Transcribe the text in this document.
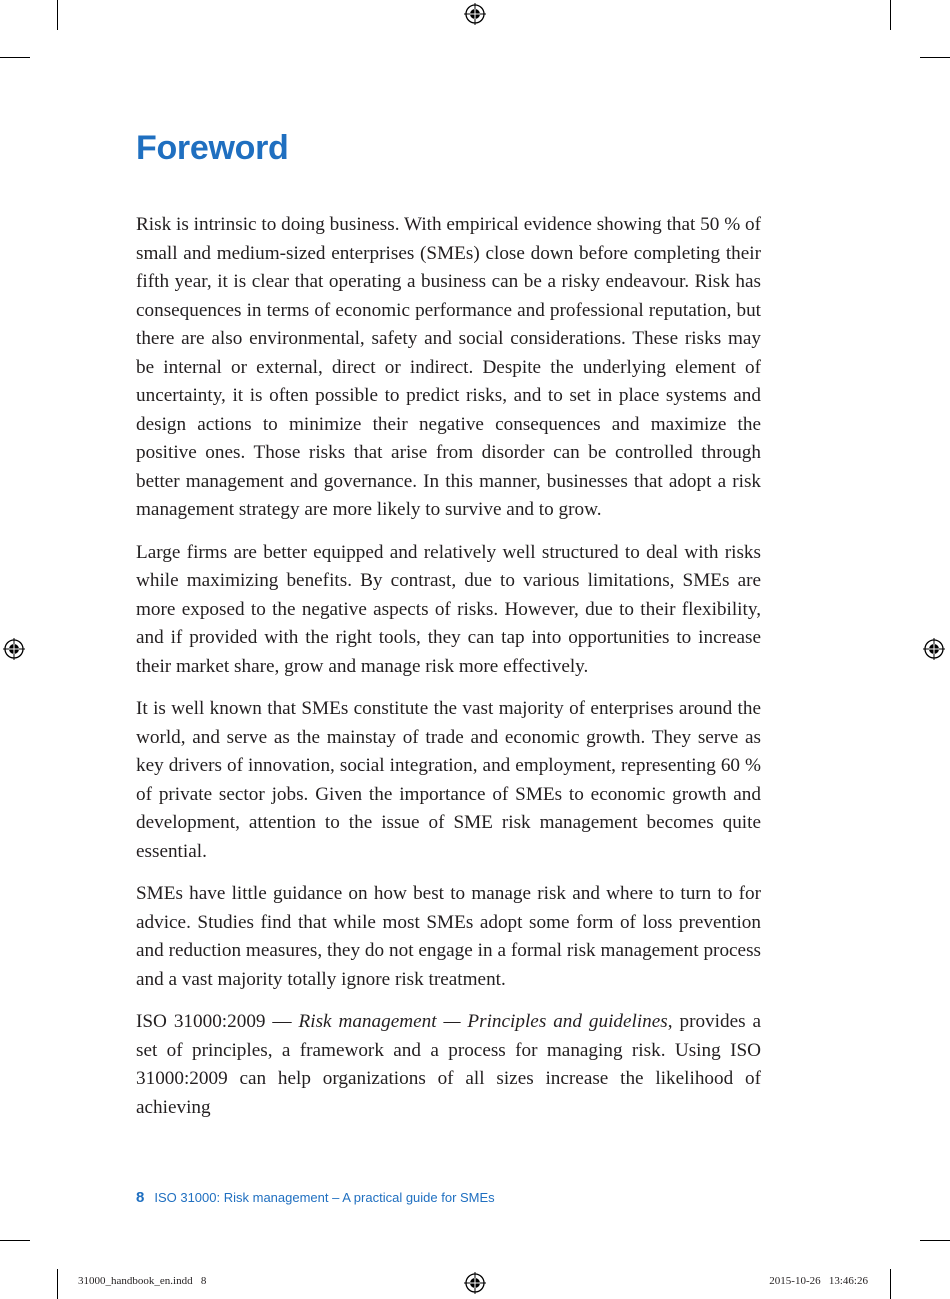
Foreword

Risk is intrinsic to doing business. With empirical evidence showing that 50 % of small and medium-sized enterprises (SMEs) close down before completing their fifth year, it is clear that operating a business can be a risky endeavour. Risk has consequences in terms of economic performance and professional reputation, but there are also environmental, safety and social considerations. These risks may be internal or external, direct or indirect. Despite the underlying element of uncertainty, it is often possible to predict risks, and to set in place systems and design actions to minimize their negative consequences and maximize the positive ones. Those risks that arise from disorder can be controlled through better management and governance. In this manner, businesses that adopt a risk management strategy are more likely to survive and to grow.

Large firms are better equipped and relatively well structured to deal with risks while maximizing benefits. By contrast, due to various limitations, SMEs are more exposed to the negative aspects of risks. However, due to their flexibility, and if provided with the right tools, they can tap into opportunities to increase their market share, grow and manage risk more effectively.

It is well known that SMEs constitute the vast majority of enterprises around the world, and serve as the mainstay of trade and economic growth. They serve as key drivers of innovation, social integration, and employment, representing 60 % of private sector jobs. Given the importance of SMEs to economic growth and development, attention to the issue of SME risk management becomes quite essential.

SMEs have little guidance on how best to manage risk and where to turn to for advice. Studies find that while most SMEs adopt some form of loss prevention and reduction measures, they do not engage in a formal risk management process and a vast majority totally ignore risk treatment.

ISO 31000:2009 — Risk management — Principles and guidelines, provides a set of principles, a framework and a process for managing risk. Using ISO 31000:2009 can help organizations of all sizes increase the likelihood of achieving

8 ISO 31000: Risk management – A practical guide for SMEs
31000_handbook_en.indd   8	2015-10-26   13:46:26
